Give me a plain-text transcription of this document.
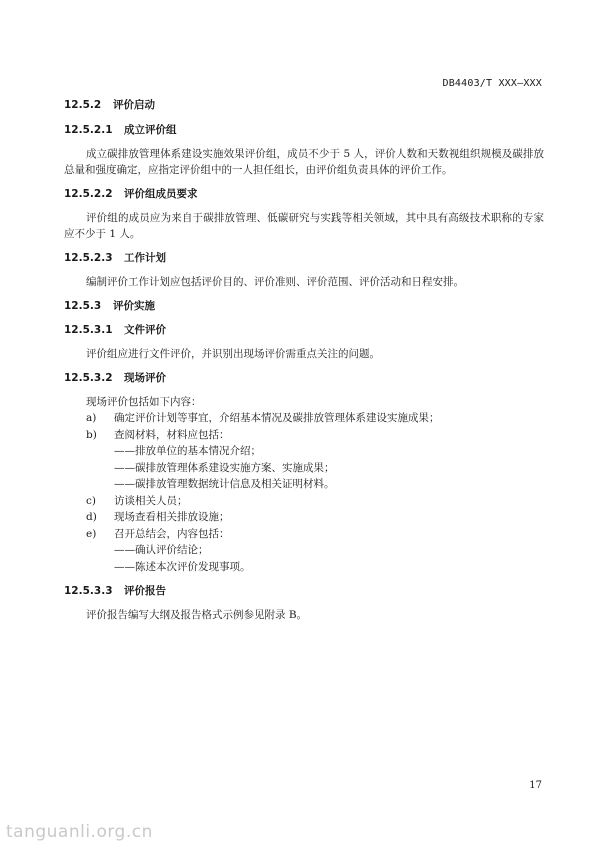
DB4403/T XXX—XXX
12.5.2 评价启动
12.5.2.1 成立评价组

成立碳排放管理体系建设实施效果评价组，成员不少于 5 人，评价人数和天数视组织规模及碳排放总量和强度确定，应指定评价组中的一人担任组长，由评价组负责具体的评价工作。

12.5.2.2 评价组成员要求

评价组的成员应为来自于碳排放管理、低碳研究与实践等相关领域，其中具有高级技术职称的专家应不少于 1 人。

12.5.2.3 工作计划

编制评价工作计划应包括评价目的、评价准则、评价范围、评价活动和日程安排。

12.5.3 评价实施
12.5.3.1 文件评价

评价组应进行文件评价，并识别出现场评价需重点关注的问题。

12.5.3.2 现场评价

现场评价包括如下内容：

a) 确定评价计划等事宜，介绍基本情况及碳排放管理体系建设实施成果；
b) 查阅材料，材料应包括：
——排放单位的基本情况介绍；
——碳排放管理体系建设实施方案、实施成果；
——碳排放管理数据统计信息及相关证明材料。
c) 访谈相关人员；
d) 现场查看相关排放设施；
e) 召开总结会，内容包括：
——确认评价结论；
——陈述本次评价发现事项。
12.5.3.3 评价报告

评价报告编写大纲及报告格式示例参见附录 B。

17
tanguanli.org.cn
